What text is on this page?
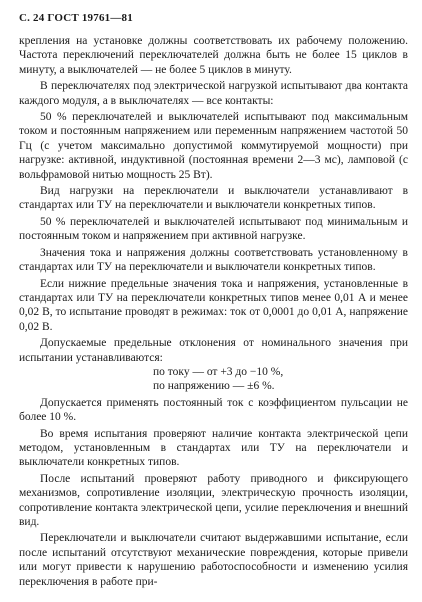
С. 24 ГОСТ 19761—81

крепления на установке должны соответствовать их рабочему положению. Частота переключений переключателей должна быть не более 15 циклов в минуту, а выключателей — не более 5 циклов в минуту.

В переключателях под электрической нагрузкой испытывают два контакта каждого модуля, а в выключателях — все контакты:

50 % переключателей и выключателей испытывают под максимальным током и постоянным напряжением или переменным напряжением частотой 50 Гц (с учетом максимально допустимой коммутируемой мощности) при нагрузке: активной, индуктивной (постоянная времени 2—3 мс), ламповой (с вольфрамовой нитью мощность 25 Вт).

Вид нагрузки на переключатели и выключатели устанавливают в стандартах или ТУ на переключатели и выключатели конкретных типов.

50 % переключателей и выключателей испытывают под минимальным и постоянным током и напряжением при активной нагрузке.

Значения тока и напряжения должны соответствовать установленному в стандартах или ТУ на переключатели и выключатели конкретных типов.

Если нижние предельные значения тока и напряжения, установленные в стандартах или ТУ на переключатели конкретных типов менее 0,01 А и менее 0,02 В, то испытание проводят в режимах: ток от 0,0001 до 0,01 А, напряжение 0,02 В.

Допускаемые предельные отклонения от номинального значения при испытании устанавливаются:

по току — от +3 до −10 %,

по напряжению — ±6 %.

Допускается применять постоянный ток с коэффициентом пульсации не более 10 %.

Во время испытания проверяют наличие контакта электрической цепи методом, установленным в стандартах или ТУ на переключатели и выключатели конкретных типов.

После испытаний проверяют работу приводного и фиксирующего механизмов, сопротивление изоляции, электрическую прочность изоляции, сопротивление контакта электрической цепи, усилие переключения и внешний вид.

Переключатели и выключатели считают выдержавшими испытание, если после испытаний отсутствуют механические повреждения, которые привели или могут привести к нарушению работоспособности и изменению усилия переключения в работе при-
